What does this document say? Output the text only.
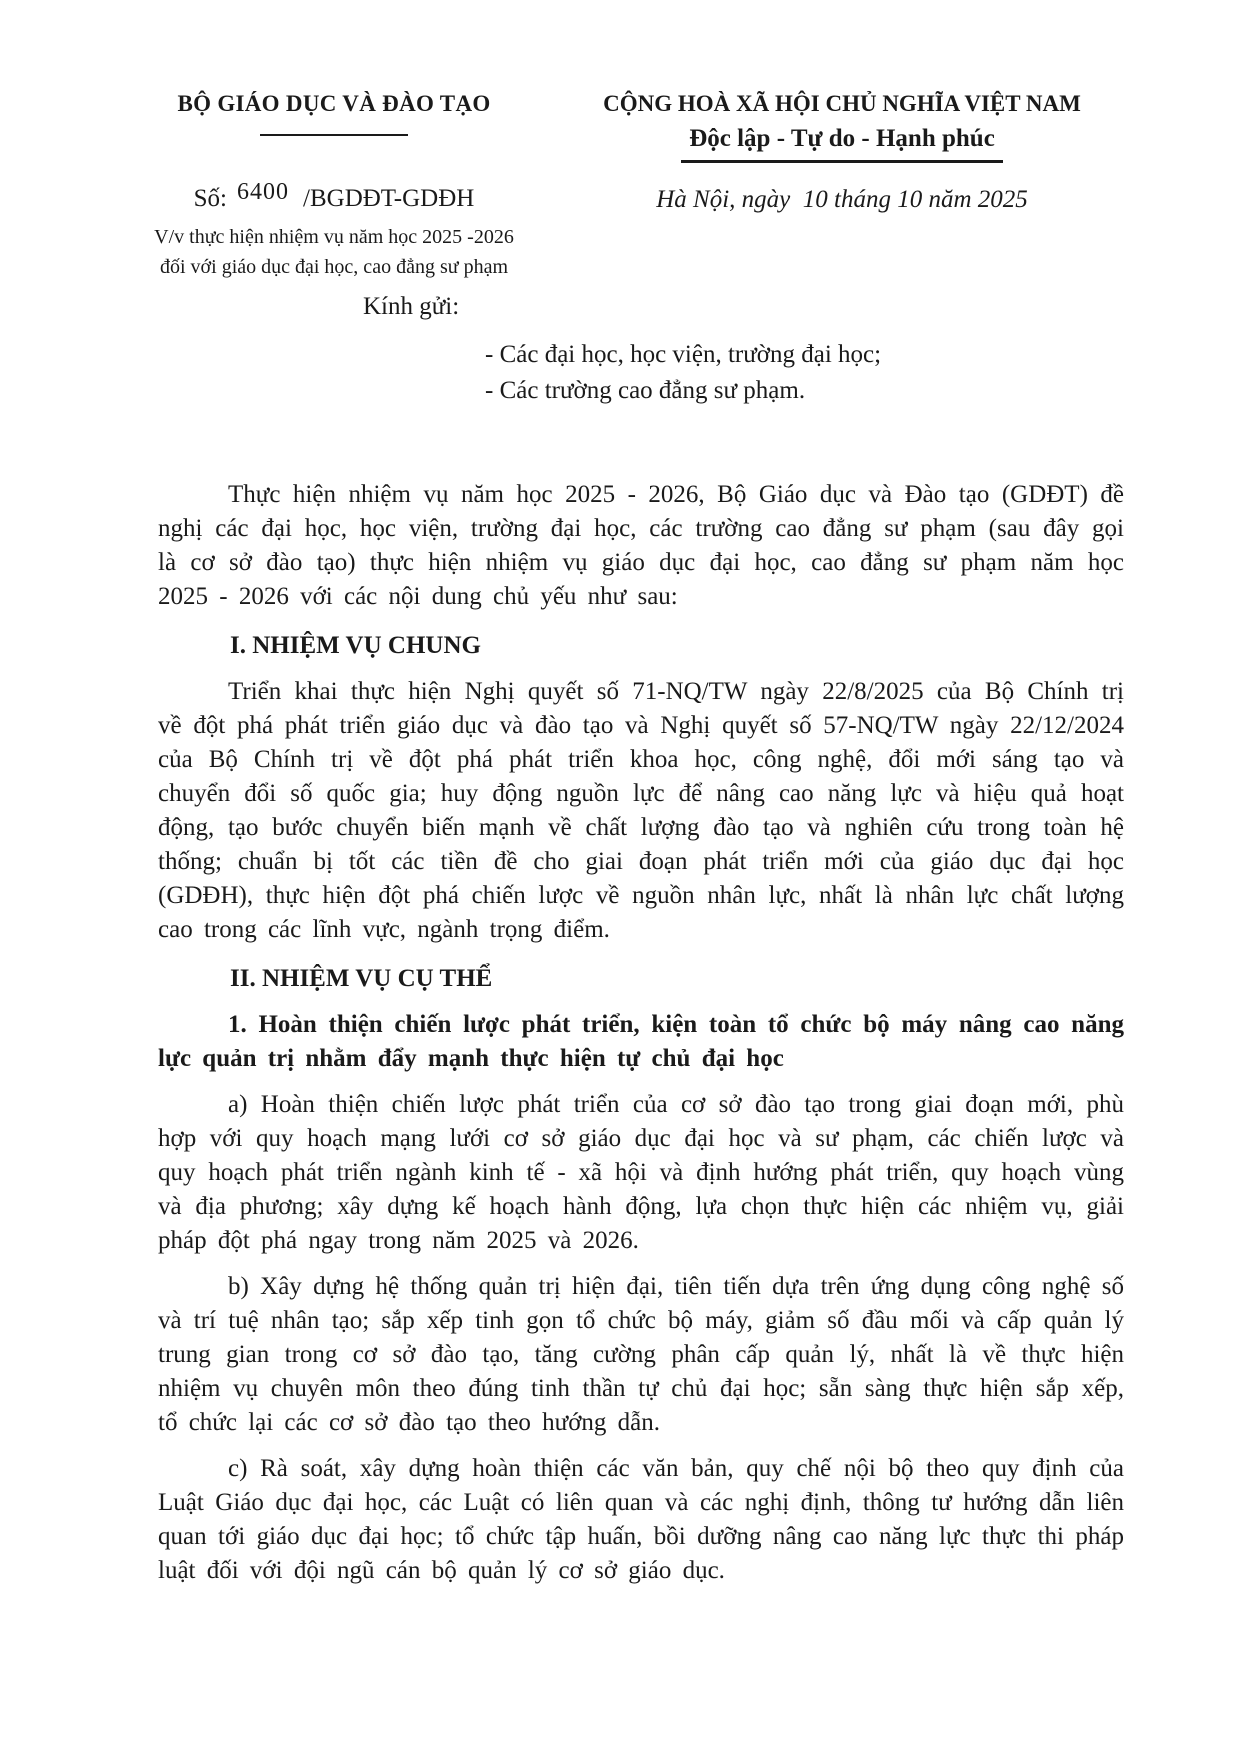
BỘ GIÁO DỤC VÀ ĐÀO TẠO
Số: 6400 /BGDĐT-GDĐH
V/v thực hiện nhiệm vụ năm học 2025 -2026
đối với giáo dục đại học, cao đẳng sư phạm
CỘNG HOÀ XÃ HỘI CHỦ NGHĨA VIỆT NAM
Độc lập - Tự do - Hạnh phúc
Hà Nội, ngày  10 tháng 10 năm 2025
Kính gửi:
- Các đại học, học viện, trường đại học;
- Các trường cao đẳng sư phạm.

Thực hiện nhiệm vụ năm học 2025 - 2026, Bộ Giáo dục và Đào tạo (GDĐT) đề nghị các đại học, học viện, trường đại học, các trường cao đẳng sư phạm (sau đây gọi là cơ sở đào tạo) thực hiện nhiệm vụ giáo dục đại học, cao đẳng sư phạm năm học 2025 - 2026 với các nội dung chủ yếu như sau:

I. NHIỆM VỤ CHUNG

Triển khai thực hiện Nghị quyết số 71-NQ/TW ngày 22/8/2025 của Bộ Chính trị về đột phá phát triển giáo dục và đào tạo và Nghị quyết số 57-NQ/TW ngày 22/12/2024 của Bộ Chính trị về đột phá phát triển khoa học, công nghệ, đổi mới sáng tạo và chuyển đổi số quốc gia; huy động nguồn lực để nâng cao năng lực và hiệu quả hoạt động, tạo bước chuyển biến mạnh về chất lượng đào tạo và nghiên cứu trong toàn hệ thống; chuẩn bị tốt các tiền đề cho giai đoạn phát triển mới của giáo dục đại học (GDĐH), thực hiện đột phá chiến lược về nguồn nhân lực, nhất là nhân lực chất lượng cao trong các lĩnh vực, ngành trọng điểm.

II. NHIỆM VỤ CỤ THỂ

1. Hoàn thiện chiến lược phát triển, kiện toàn tổ chức bộ máy nâng cao năng lực quản trị nhằm đẩy mạnh thực hiện tự chủ đại học

a) Hoàn thiện chiến lược phát triển của cơ sở đào tạo trong giai đoạn mới, phù hợp với quy hoạch mạng lưới cơ sở giáo dục đại học và sư phạm, các chiến lược và quy hoạch phát triển ngành kinh tế - xã hội và định hướng phát triển, quy hoạch vùng và địa phương; xây dựng kế hoạch hành động, lựa chọn thực hiện các nhiệm vụ, giải pháp đột phá ngay trong năm 2025 và 2026.

b) Xây dựng hệ thống quản trị hiện đại, tiên tiến dựa trên ứng dụng công nghệ số và trí tuệ nhân tạo; sắp xếp tinh gọn tổ chức bộ máy, giảm số đầu mối và cấp quản lý trung gian trong cơ sở đào tạo, tăng cường phân cấp quản lý, nhất là về thực hiện nhiệm vụ chuyên môn theo đúng tinh thần tự chủ đại học; sẵn sàng thực hiện sắp xếp, tổ chức lại các cơ sở đào tạo theo hướng dẫn.

c) Rà soát, xây dựng hoàn thiện các văn bản, quy chế nội bộ theo quy định của Luật Giáo dục đại học, các Luật có liên quan và các nghị định, thông tư hướng dẫn liên quan tới giáo dục đại học; tổ chức tập huấn, bồi dưỡng nâng cao năng lực thực thi pháp luật đối với đội ngũ cán bộ quản lý cơ sở giáo dục.
